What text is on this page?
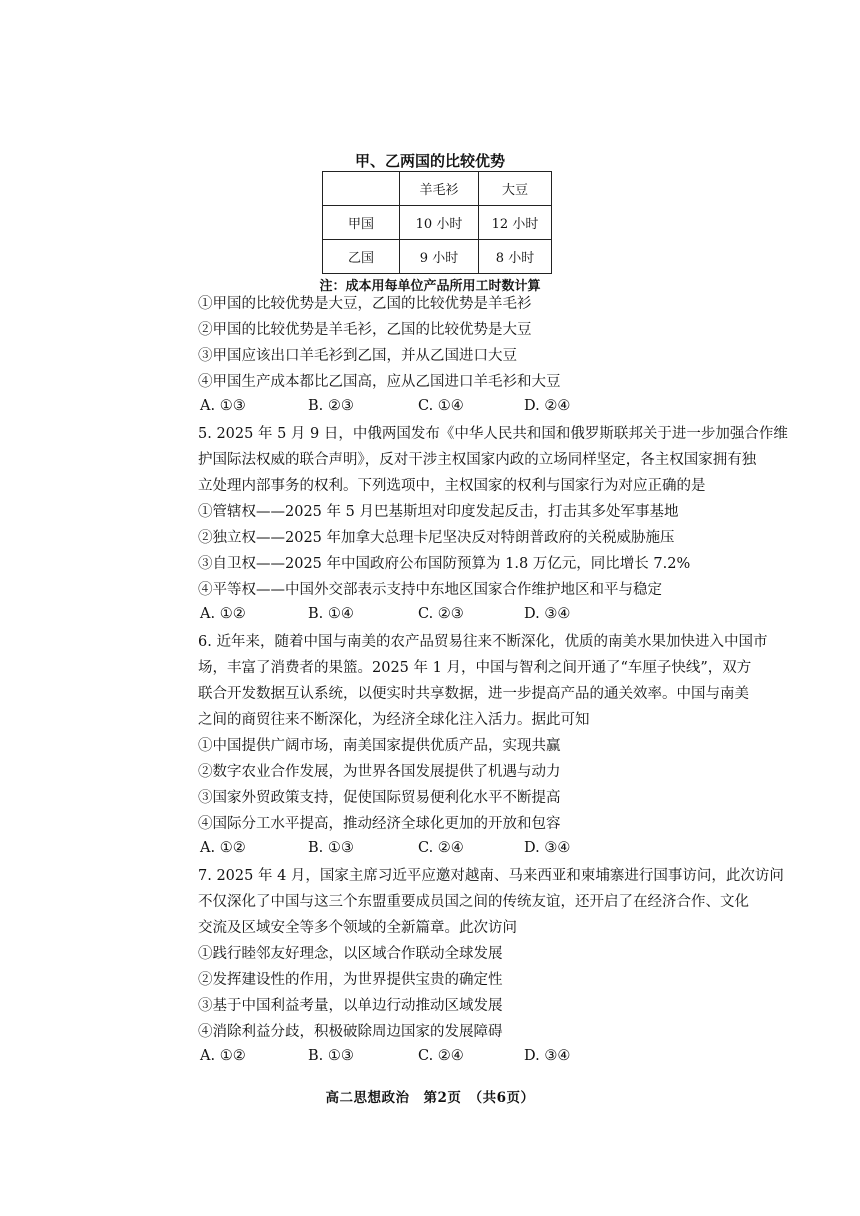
甲、乙两国的比较优势
	羊毛衫	大豆
甲国	10 小时	12 小时
乙国	9 小时	8 小时
注：成本用每单位产品所用工时数计算
①甲国的比较优势是大豆，乙国的比较优势是羊毛衫
②甲国的比较优势是羊毛衫，乙国的比较优势是大豆
③甲国应该出口羊毛衫到乙国，并从乙国进口大豆
④甲国生产成本都比乙国高，应从乙国进口羊毛衫和大豆
A. ①③	B. ②③	C. ①④	D. ②④
5. 2025 年 5 月 9 日，中俄两国发布《中华人民共和国和俄罗斯联邦关于进一步加强合作维
护国际法权威的联合声明》，反对干涉主权国家内政的立场同样坚定，各主权国家拥有独
立处理内部事务的权利。下列选项中，主权国家的权利与国家行为对应正确的是
①管辖权——2025 年 5 月巴基斯坦对印度发起反击，打击其多处军事基地
②独立权——2025 年加拿大总理卡尼坚决反对特朗普政府的关税威胁施压
③自卫权——2025 年中国政府公布国防预算为 1.8 万亿元，同比增长 7.2%
④平等权——中国外交部表示支持中东地区国家合作维护地区和平与稳定
A. ①②	B. ①④	C. ②③	D. ③④
6. 近年来，随着中国与南美的农产品贸易往来不断深化，优质的南美水果加快进入中国市
场，丰富了消费者的果篮。2025 年 1 月，中国与智利之间开通了“车厘子快线”，双方
联合开发数据互认系统，以便实时共享数据，进一步提高产品的通关效率。中国与南美
之间的商贸往来不断深化，为经济全球化注入活力。据此可知
①中国提供广阔市场，南美国家提供优质产品，实现共赢
②数字农业合作发展，为世界各国发展提供了机遇与动力
③国家外贸政策支持，促使国际贸易便利化水平不断提高
④国际分工水平提高，推动经济全球化更加的开放和包容
A. ①②	B. ①③	C. ②④	D. ③④
7. 2025 年 4 月，国家主席习近平应邀对越南、马来西亚和柬埔寨进行国事访问，此次访问
不仅深化了中国与这三个东盟重要成员国之间的传统友谊，还开启了在经济合作、文化
交流及区域安全等多个领域的全新篇章。此次访问
①践行睦邻友好理念，以区域合作联动全球发展
②发挥建设性的作用，为世界提供宝贵的确定性
③基于中国利益考量，以单边行动推动区域发展
④消除利益分歧，积极破除周边国家的发展障碍
A. ①②	B. ①③	C. ②④	D. ③④
高二思想政治　第2页　（共6页）
